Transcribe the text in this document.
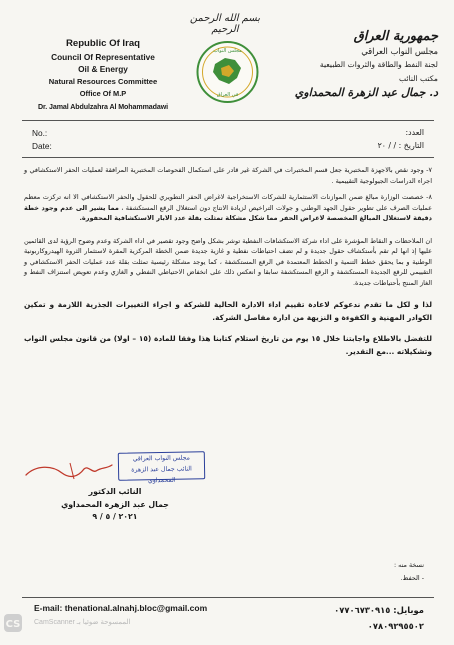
بسم الله الرحمن الرحيم
Republic Of Iraq
Council Of Representative
Oil & Energy
Natural Resources Committee
Office Of M.P
Dr. Jamal Abdulzahra Al Mohammadawi
مجلس النواب
في العراق
جمهورية العراق
مجلس النواب العراقي
لجنة النفط والطاقة والثروات الطبيعية
مكتب النائب
د. جمال عبد الزهرة المحمداوي
No.:
Date:
العدد:
التاريخ : / / ٢٠

٧- وجود نقص بالاجهزة المختبرية جعل قسم المختبرات في الشركة غير قادر على استكمال الفحوصات المختبرية المرافقة لعمليات الحفر الاستكشافي و اجراء الدراسات الجيولوجية التقييمية .

٨- خصصت الوزارة مبالغ ضمن الموازنات الاستثمارية للشركات الاستخراجية لاغراض الحفر التطويري للحقول والحفر الاستكشافي الا انه تركزت معظم عمليات الصرف على تطوير حقول الجهد الوطني و جولات التراخيص لزيادة الانتاج دون استغلال الرقع المستكشفة ، مما يشير الى عدم وجود خطة دقيقة لاستغلال المبالغ المخصصة لاغراض الحفر مما شكل مشكلة تمثلت بقلة عدد الابار الاستكشافية المحفورة.

ان الملاحظات و النقاط المؤشرة على اداء شركة الاستكشافات النفطية توشر بشكل واضح وجود تقصير في اداء الشركة وعدم وضوح الرؤية لدى القائمين عليها إذ انها لم تقم بأستكشاف حقول جديدة و لم تضف احتياطات نفطية و غازية جديدة ضمن الخطة المركزية المقرة لاستثمار الثروة الهيدروكاربونية الوطنية و بما يحقق خطط التنمية و الخطط المعتمدة في الرقع المستكشفة ، كما يوجد مشكلة رئيسية تمثلت بقلة عدد عمليات الحفر الاستكشافي و التقييمي للرقع الجديدة المستكشفة و الرقع المستكشفة سابقا و انعكس ذلك على انخفاض الاحتياطي النفطي و الغازي وعدم تعويض استنزاف النفط و الغاز المنتج بأحتياطات جديدة.

لذا و لكل ما تقدم ندعوكم لاعادة تقييم اداء الادارة الحالية للشركة و اجراء التغييرات الجذرية اللازمة و تمكين الكوادر المهنية و الكفوءة و النزيهة من ادارة مفاصل الشركة.

للتفضل بالاطلاع واجابتنا خلال ١٥ يوم من تاريخ استلام كتابنا هذا وفقا للمادة (١٥ – اولا) من قانون مجلس النواب وتشكيلاته ...مع التقدير.

مجلس النواب العراقي
النائب جمال عبد الزهرة المحمداوي
النائب الدكتور
جمال عبد الزهرة المحمداوي
٢٠٢١ / ٥ / ٩
نسخة منه :
- الحفظ.
E-mail: thenational.alnahj.bloc@gmail.com
CamScanner الممسوحة ضوئيا بـ
موبايل: ٠٧٧٠٦٧٣٠٩١٥
٠٧٨٠٩٢٩٥٥٠٢
CS
